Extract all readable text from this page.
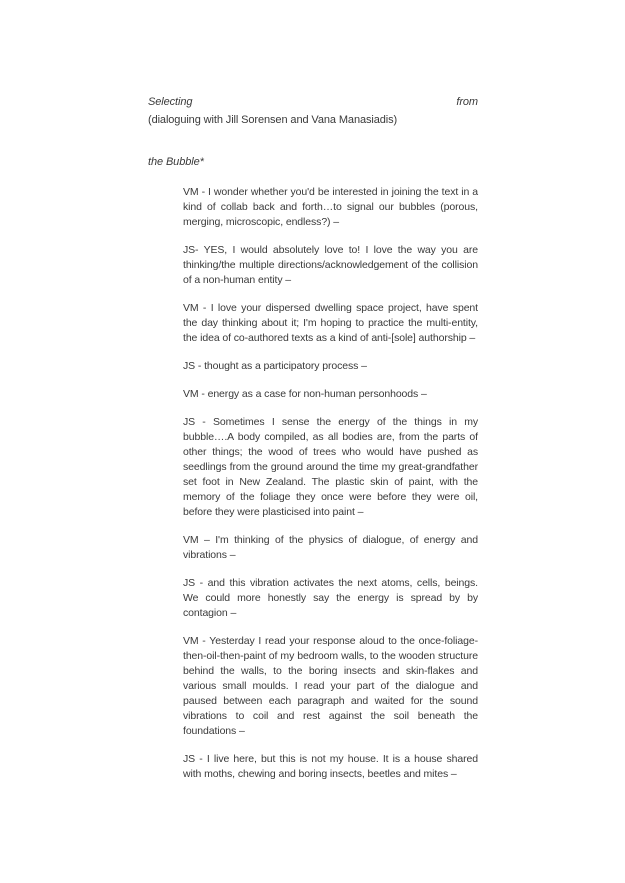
Selecting	from
(dialoguing with Jill Sorensen and Vana Manasiadis)
the Bubble*

VM - I wonder whether you'd be interested in joining the text in a kind of collab back and forth…to signal our bubbles (porous, merging, microscopic, endless?) –

JS- YES, I would absolutely love to! I love the way you are thinking/the multiple directions/acknowledgement of the collision of a non-human entity –

VM - I love your dispersed dwelling space project, have spent the day thinking about it; I'm hoping to practice the multi-entity, the idea of co-authored texts as a kind of anti-[sole] authorship –

JS - thought as a participatory process –

VM - energy as a case for non-human personhoods –

JS - Sometimes I sense the energy of the things in my bubble….A body compiled, as all bodies are, from the parts of other things; the wood of trees who would have pushed as seedlings from the ground around the time my great-grandfather set foot in New Zealand. The plastic skin of paint, with the memory of the foliage they once were before they were oil, before they were plasticised into paint –

VM – I'm thinking of the physics of dialogue, of energy and vibrations –

JS - and this vibration activates the next atoms, cells, beings. We could more honestly say the energy is spread by by contagion –

VM - Yesterday I read your response aloud to the once-foliage-then-oil-then-paint of my bedroom walls, to the wooden structure behind the walls, to the boring insects and skin-flakes and various small moulds. I read your part of the dialogue and paused between each paragraph and waited for the sound vibrations to coil and rest against the soil beneath the foundations –

JS - I live here, but this is not my house. It is a house shared with moths, chewing and boring insects, beetles and mites –
